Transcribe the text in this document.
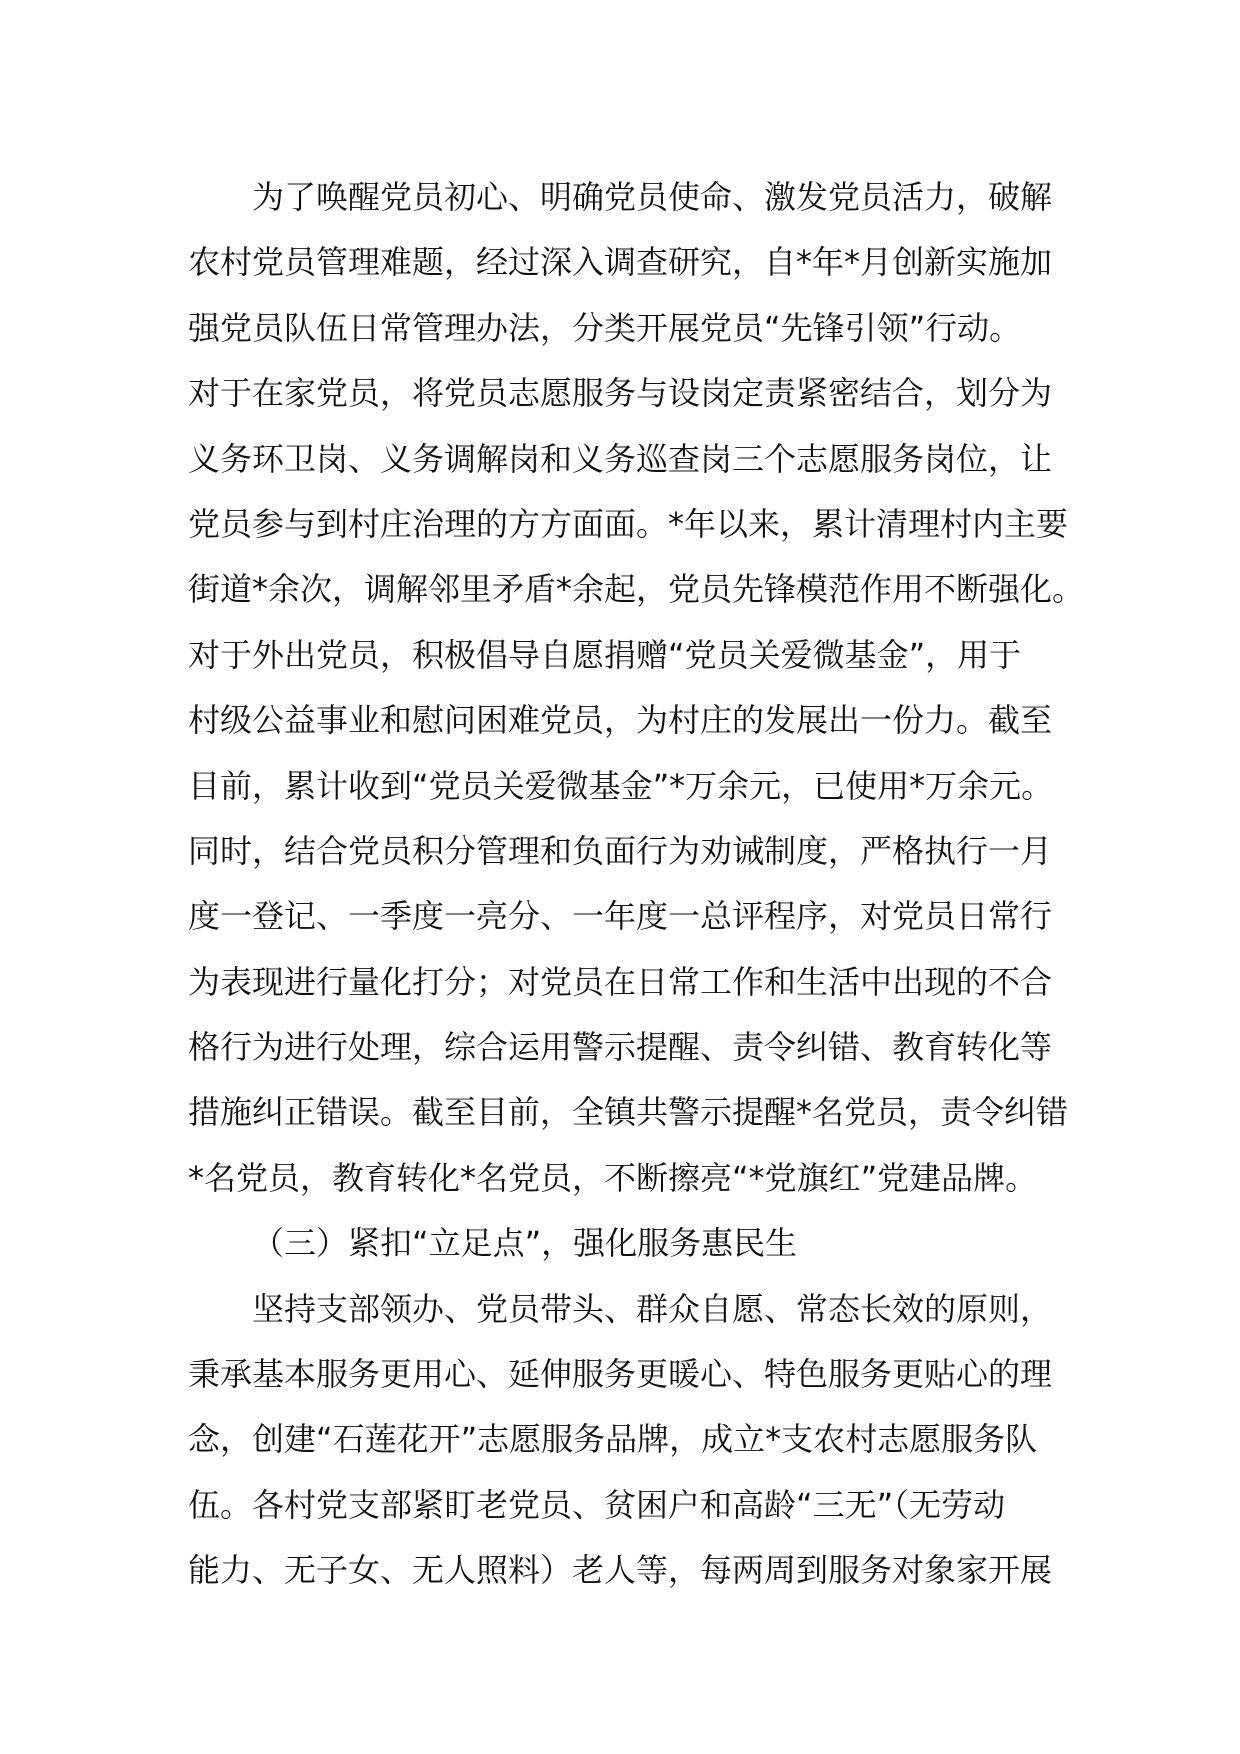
为了唤醒党员初心、明确党员使命、激发党员活力，破解
农村党员管理难题，经过深入调查研究，自*年*月创新实施加
强党员队伍日常管理办法，分类开展党员“先锋引领”行动。
对于在家党员，将党员志愿服务与设岗定责紧密结合，划分为
义务环卫岗、义务调解岗和义务巡查岗三个志愿服务岗位，让
党员参与到村庄治理的方方面面。*年以来，累计清理村内主要
街道*余次，调解邻里矛盾*余起，党员先锋模范作用不断强化。
对于外出党员，积极倡导自愿捐赠“党员关爱微基金”，用于
村级公益事业和慰问困难党员，为村庄的发展出一份力。截至
目前，累计收到“党员关爱微基金”*万余元，已使用*万余元。
同时，结合党员积分管理和负面行为劝诫制度，严格执行一月
度一登记、一季度一亮分、一年度一总评程序，对党员日常行
为表现进行量化打分；对党员在日常工作和生活中出现的不合
格行为进行处理，综合运用警示提醒、责令纠错、教育转化等
措施纠正错误。截至目前，全镇共警示提醒*名党员，责令纠错
*名党员，教育转化*名党员，不断擦亮“*党旗红”党建品牌。
（三）紧扣“立足点”，强化服务惠民生
坚持支部领办、党员带头、群众自愿、常态长效的原则，
秉承基本服务更用心、延伸服务更暖心、特色服务更贴心的理
念，创建“石莲花开”志愿服务品牌，成立*支农村志愿服务队
伍。各村党支部紧盯老党员、贫困户和高龄“三无”（无劳动
能力、无子女、无人照料）老人等，每两周到服务对象家开展
